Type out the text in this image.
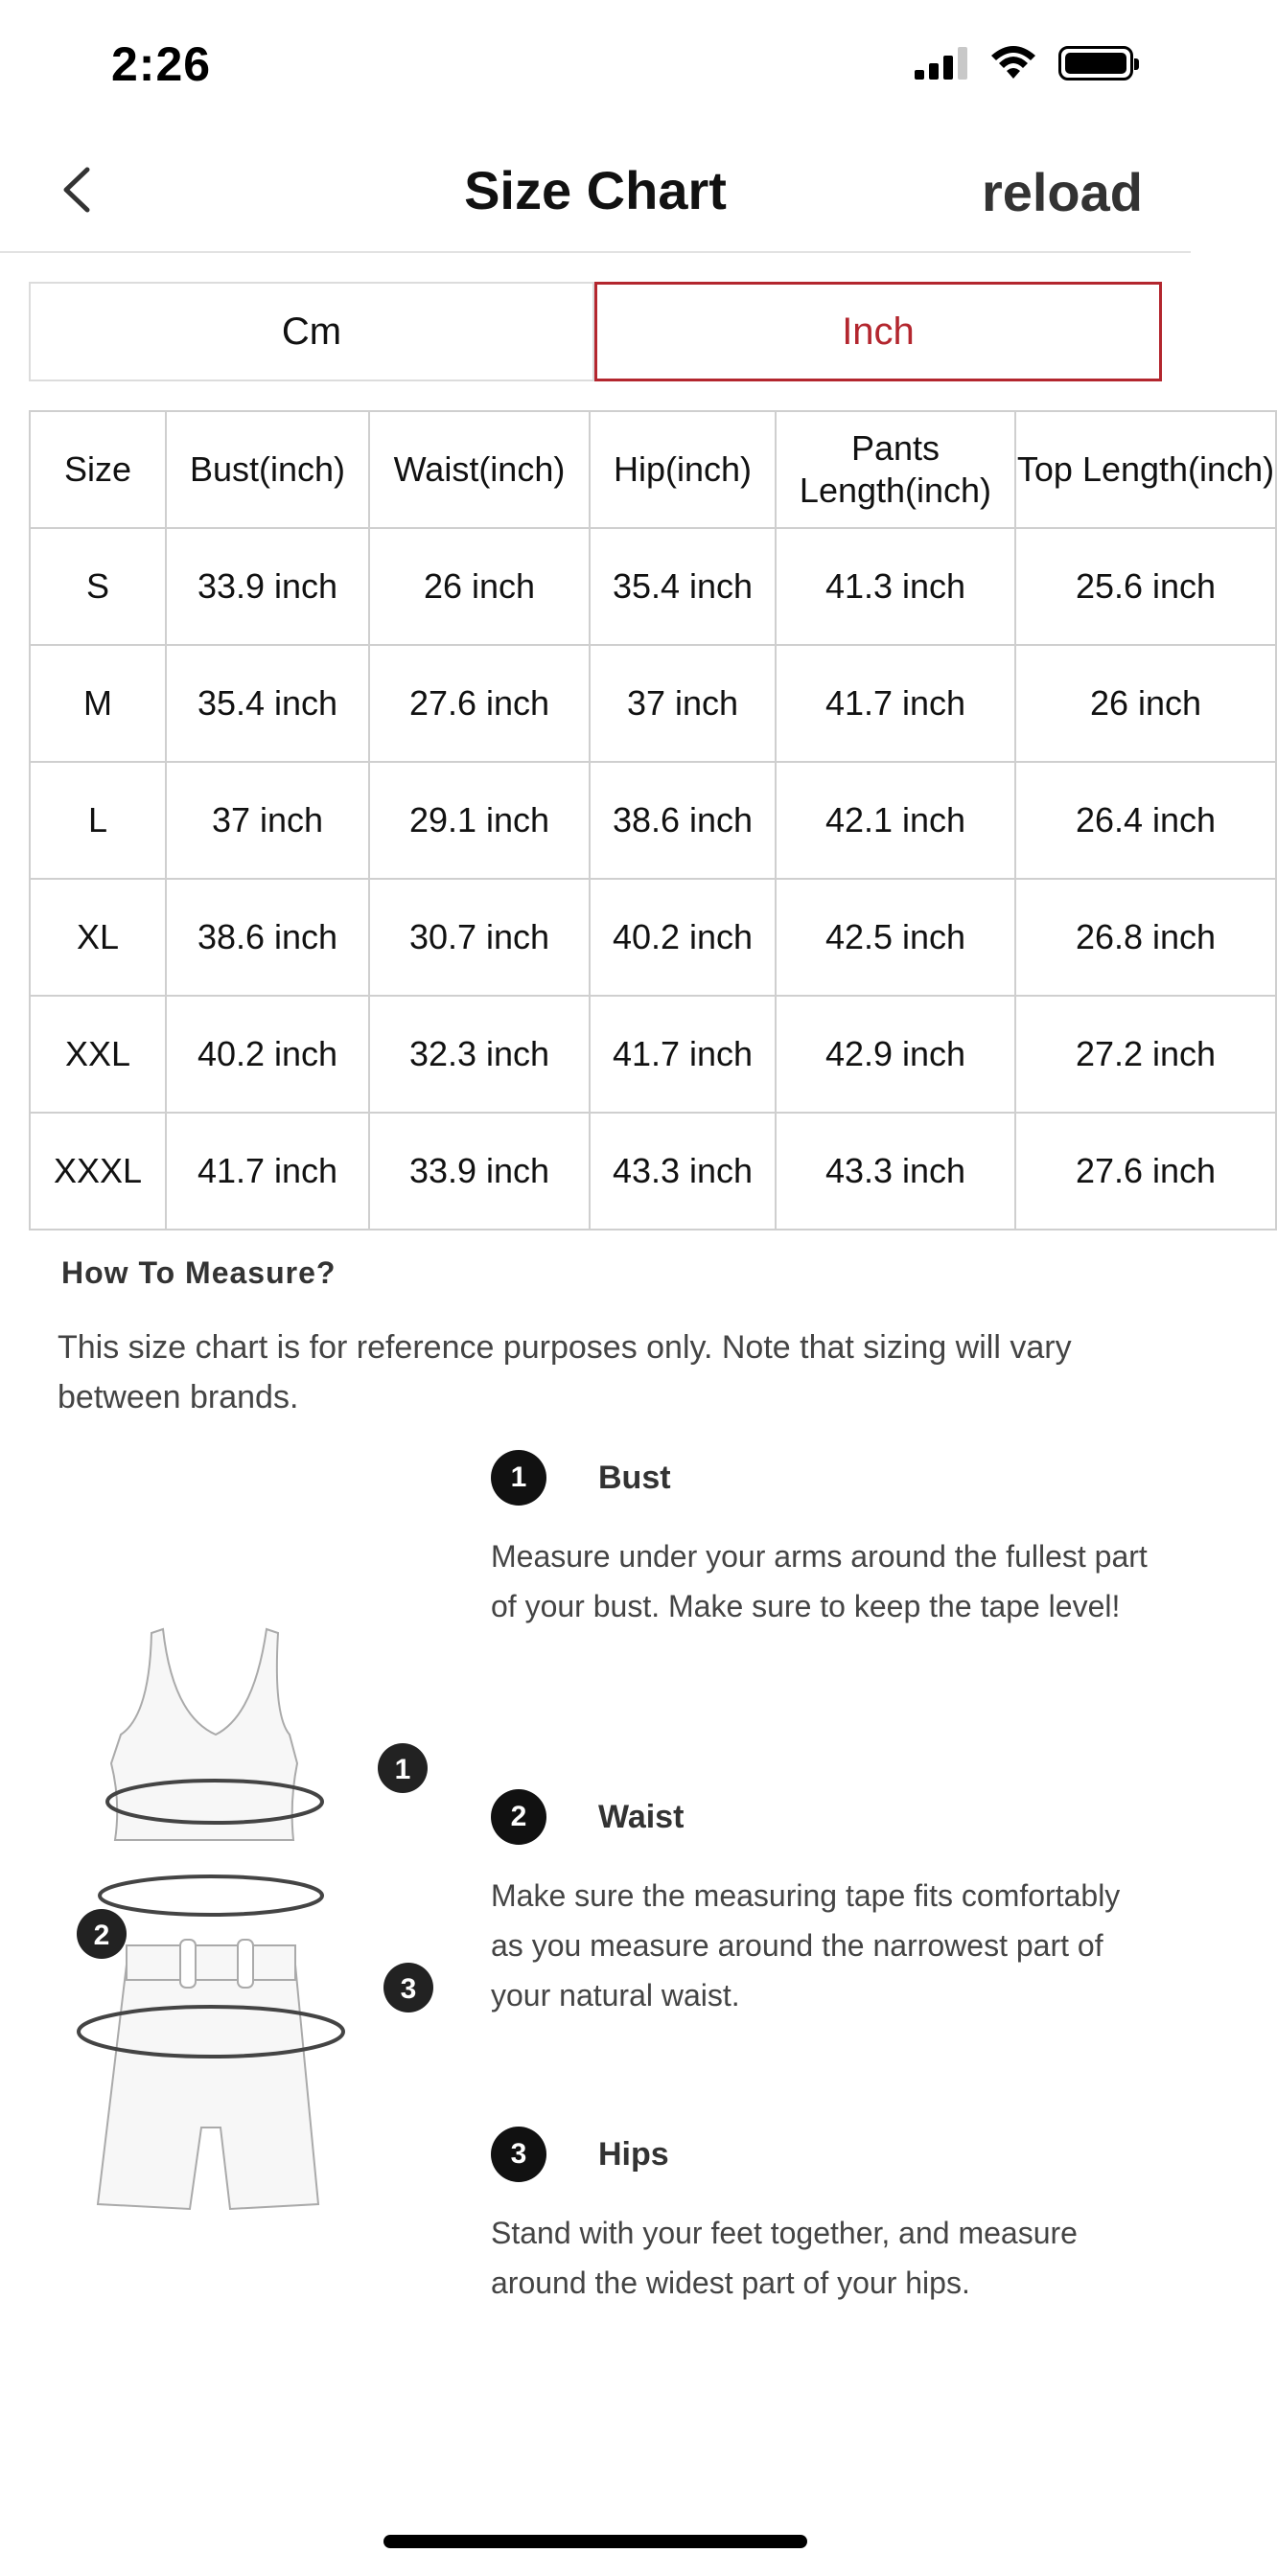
2:26
Size Chart	reload
Cm	Inch
Size	Bust(inch)	Waist(inch)	Hip(inch)	Pants Length(inch)	Top Length(inch)
S	33.9 inch	26 inch	35.4 inch	41.3 inch	25.6 inch
M	35.4 inch	27.6 inch	37 inch	41.7 inch	26 inch
L	37 inch	29.1 inch	38.6 inch	42.1 inch	26.4 inch
XL	38.6 inch	30.7 inch	40.2 inch	42.5 inch	26.8 inch
XXL	40.2 inch	32.3 inch	41.7 inch	42.9 inch	27.2 inch
XXXL	41.7 inch	33.9 inch	43.3 inch	43.3 inch	27.6 inch
How To Measure?
This size chart is for reference purposes only. Note that sizing will vary between brands.
1
2
3
1	Bust
Measure under your arms around the fullest part of your bust. Make sure to keep the tape level!
2	Waist
Make sure the measuring tape fits comfortably as you measure around the narrowest part of your natural waist.
3	Hips
Stand with your feet together, and measure around the widest part of your hips.
